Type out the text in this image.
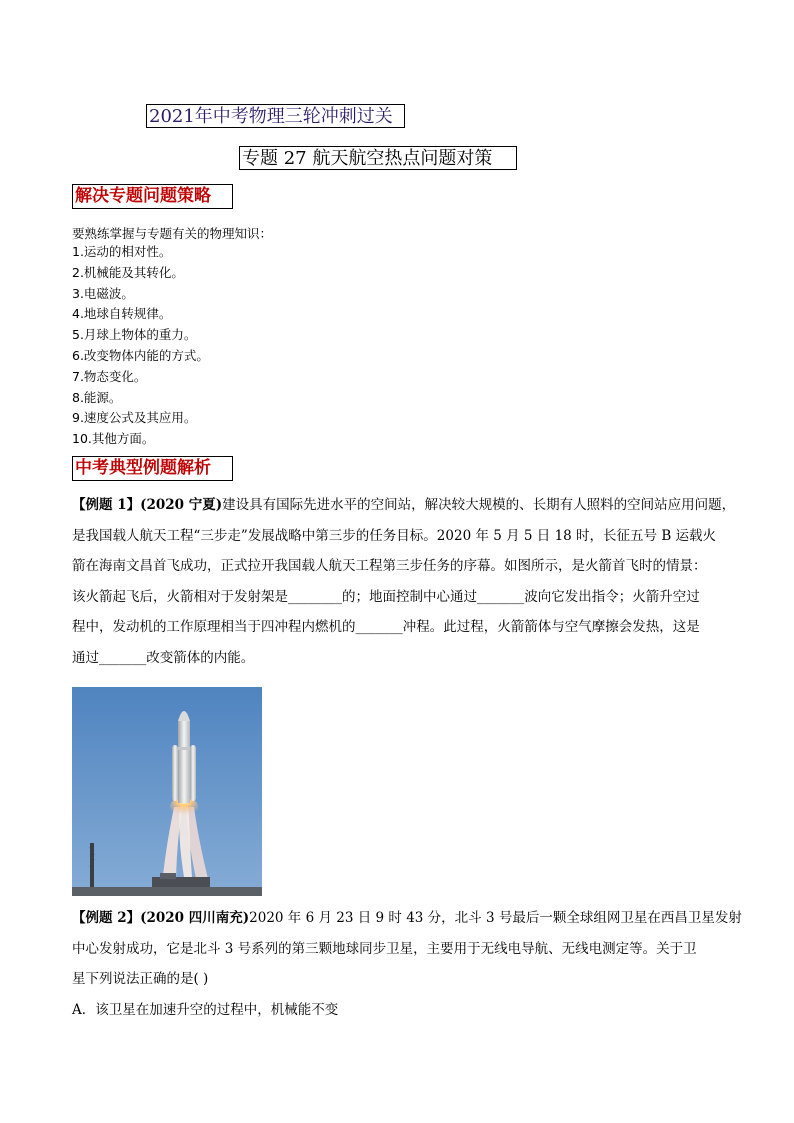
2021年中考物理三轮冲刺过关
专题 27 航天航空热点问题对策
解决专题问题策略
要熟练掌握与专题有关的物理知识：
1.运动的相对性。
2.机械能及其转化。
3.电磁波。
4.地球自转规律。
5.月球上物体的重力。
6.改变物体内能的方式。
7.物态变化。
8.能源。
9.速度公式及其应用。
10.其他方面。
中考典型例题解析
【例题 1】(2020 宁夏)建设具有国际先进水平的空间站，解决较大规模的、长期有人照料的空间站应用问题，
是我国载人航天工程“三步走”发展战略中第三步的任务目标。2020 年 5 月 5 日 18 时，长征五号 B 运载火
箭在海南文昌首飞成功，正式拉开我国载人航天工程第三步任务的序幕。如图所示，是火箭首飞时的情景：
该火箭起飞后，火箭相对于发射架是________的；地面控制中心通过_______波向它发出指令；火箭升空过
程中，发动机的工作原理相当于四冲程内燃机的_______冲程。此过程，火箭箭体与空气摩擦会发热，这是
通过_______改变箭体的内能。
【例题 2】(2020 四川南充)2020 年 6 月 23 日 9 时 43 分，北斗 3 号最后一颗全球组网卫星在西昌卫星发射
中心发射成功，它是北斗 3 号系列的第三颗地球同步卫星，主要用于无线电导航、无线电测定等。关于卫
星下列说法正确的是( )
A．该卫星在加速升空的过程中，机械能不变
